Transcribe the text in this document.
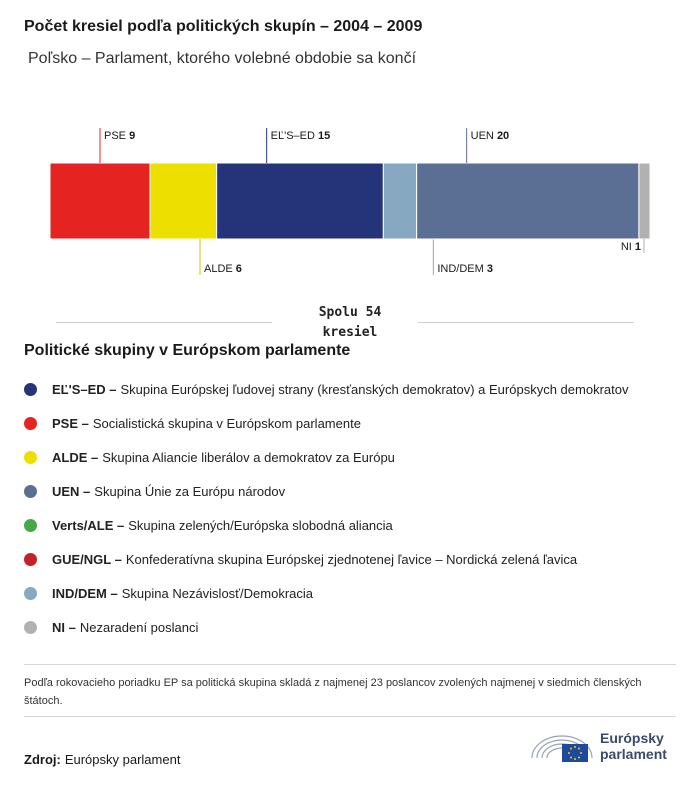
Počet kresiel podľa politických skupín – 2004 – 2009
Poľsko – Parlament, ktorého volebné obdobie sa končí
PSE 9
ALDE 6
EĽ'S–ED 15
IND/DEM 3
UEN 20
NI 1
Spolu 54
kresiel
Politické skupiny v Európskom parlamente
EĽ'S–ED – Skupina Európskej ľudovej strany (kresťanských demokratov) a Európskych demokratov
PSE – Socialistická skupina v Európskom parlamente
ALDE – Skupina Aliancie liberálov a demokratov za Európu
UEN – Skupina Únie za Európu národov
Verts/ALE – Skupina zelených/Európska slobodná aliancia
GUE/NGL – Konfederatívna skupina Európskej zjednotenej ľavice – Nordická zelená ľavica
IND/DEM – Skupina Nezávislosť/Demokracia
NI – Nezaradení poslanci
Podľa rokovacieho poriadku EP sa politická skupina skladá z najmenej 23 poslancov zvolených najmenej v siedmich členských štátoch.
Zdroj: Európsky parlament
Európsky
parlament
